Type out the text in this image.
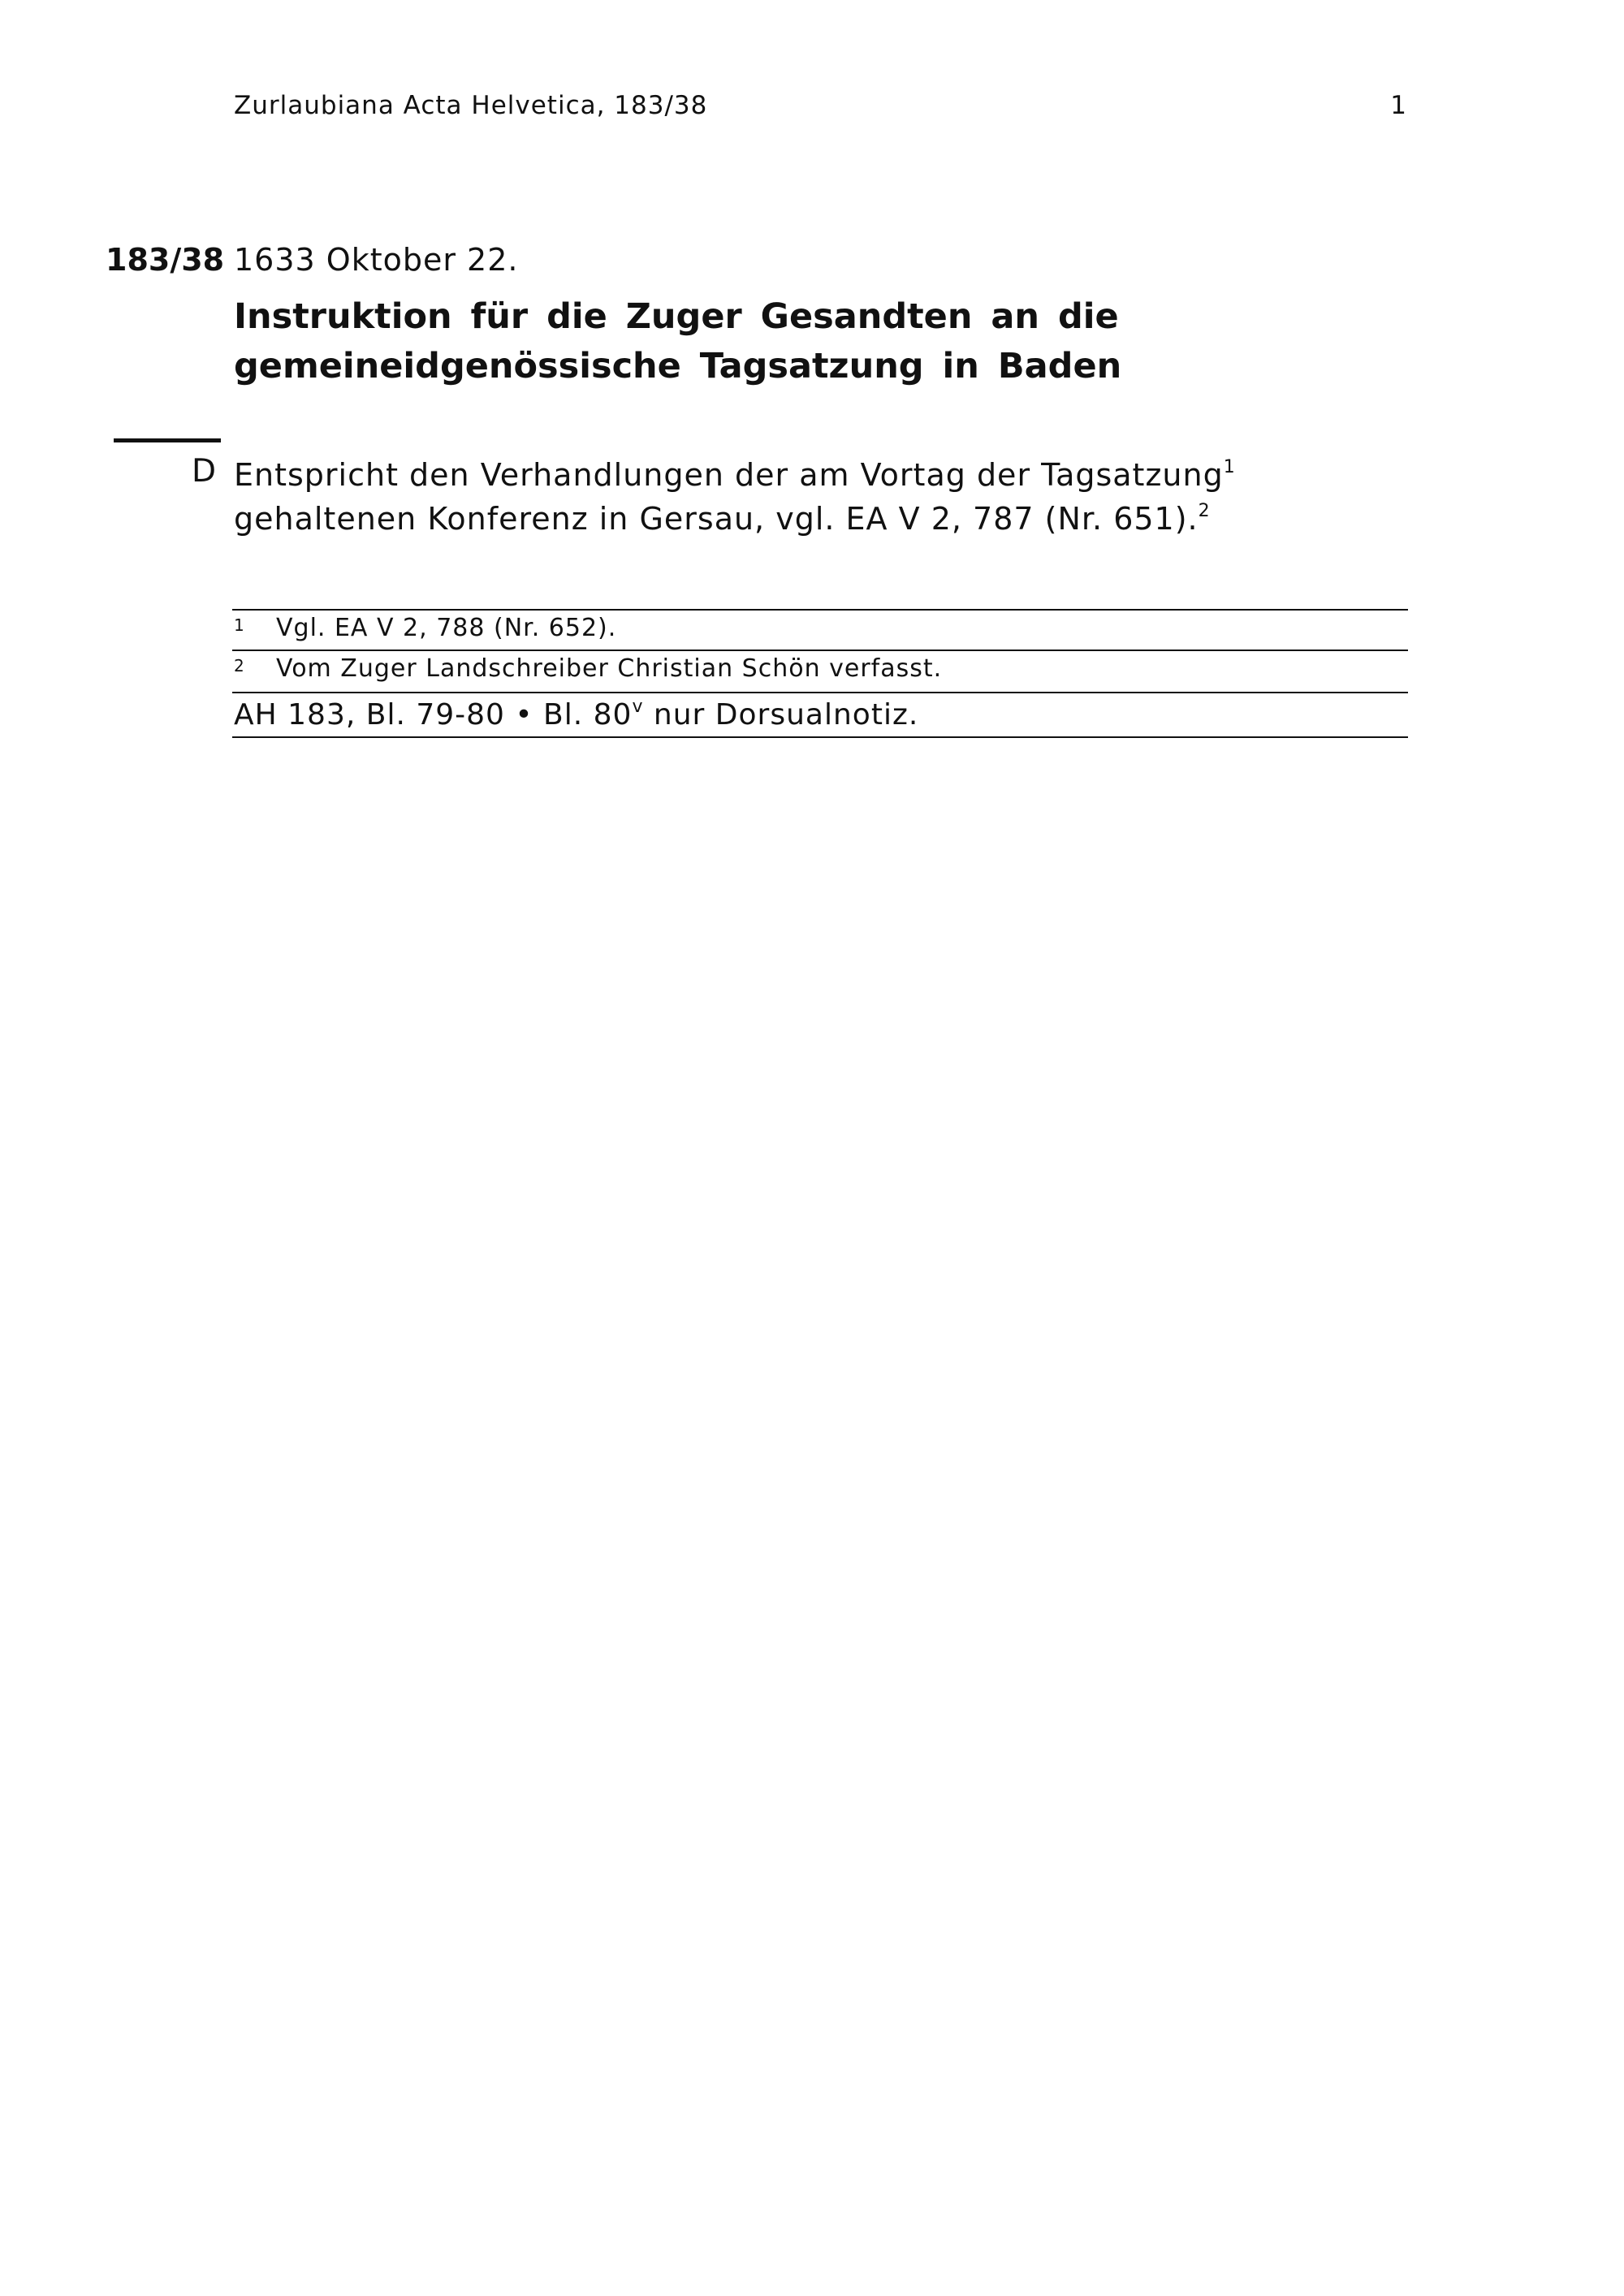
Zurlaubiana Acta Helvetica, 183/38	1
183/38 1633 Oktober 22.
Instruktion für die Zuger Gesandten an die
gemeineidgenössische Tagsatzung in Baden
D Entspricht den Verhandlungen der am Vortag der Tagsatzung$^1$ gehaltenen Konferenz in Gersau, vgl. EA V 2, 787 (Nr. 651).$^2$
1	Vgl. EA V 2, 788 (Nr. 652).
2	Vom Zuger Landschreiber Christian Schön verfasst.
AH 183, Bl. 79-80 • Bl. 80$^v$ nur Dorsualnotiz.
